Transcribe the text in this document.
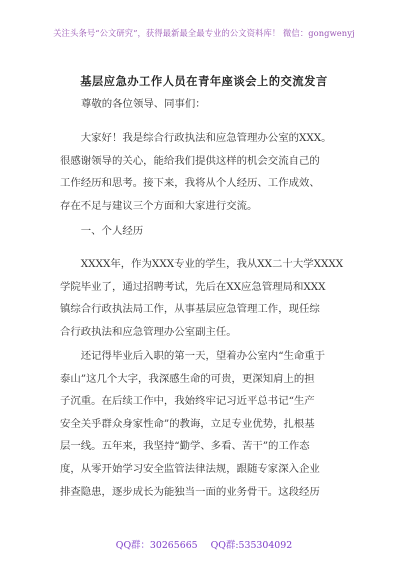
关注头条号“公文研究”，获得最新最全最专业的公文资料库！ 微信：gongwenyj
基层应急办工作人员在青年座谈会上的交流发言
尊敬的各位领导、同事们：
　　大家好！我是综合行政执法和应急管理办公室的XXX。
很感谢领导的关心，能给我们提供这样的机会交流自己的
工作经历和思考。接下来，我将从个人经历、工作成效、
存在不足与建议三个方面和大家进行交流。
　　一、个人经历
　　XXXX年，作为XXX专业的学生，我从XX二十大学XXXX
学院毕业了，通过招聘考试，先后在XX应急管理局和XXX
镇综合行政执法局工作，从事基层应急管理工作，现任综
合行政执法和应急管理办公室副主任。
　　还记得毕业后入职的第一天，望着办公室内“生命重于
泰山”这几个大字，我深感生命的可贵，更深知肩上的担
子沉重。在后续工作中，我始终牢记习近平总书记“生产
安全关乎群众身家性命”的教诲，立足专业优势，扎根基
层一线。五年来，我坚持“勤学、多看、苦干”的工作态
度，从零开始学习安全监管法律法规，跟随专家深入企业
排查隐患，逐步成长为能独当一面的业务骨干。这段经历
QQ群：30265665 QQ群:535304092
